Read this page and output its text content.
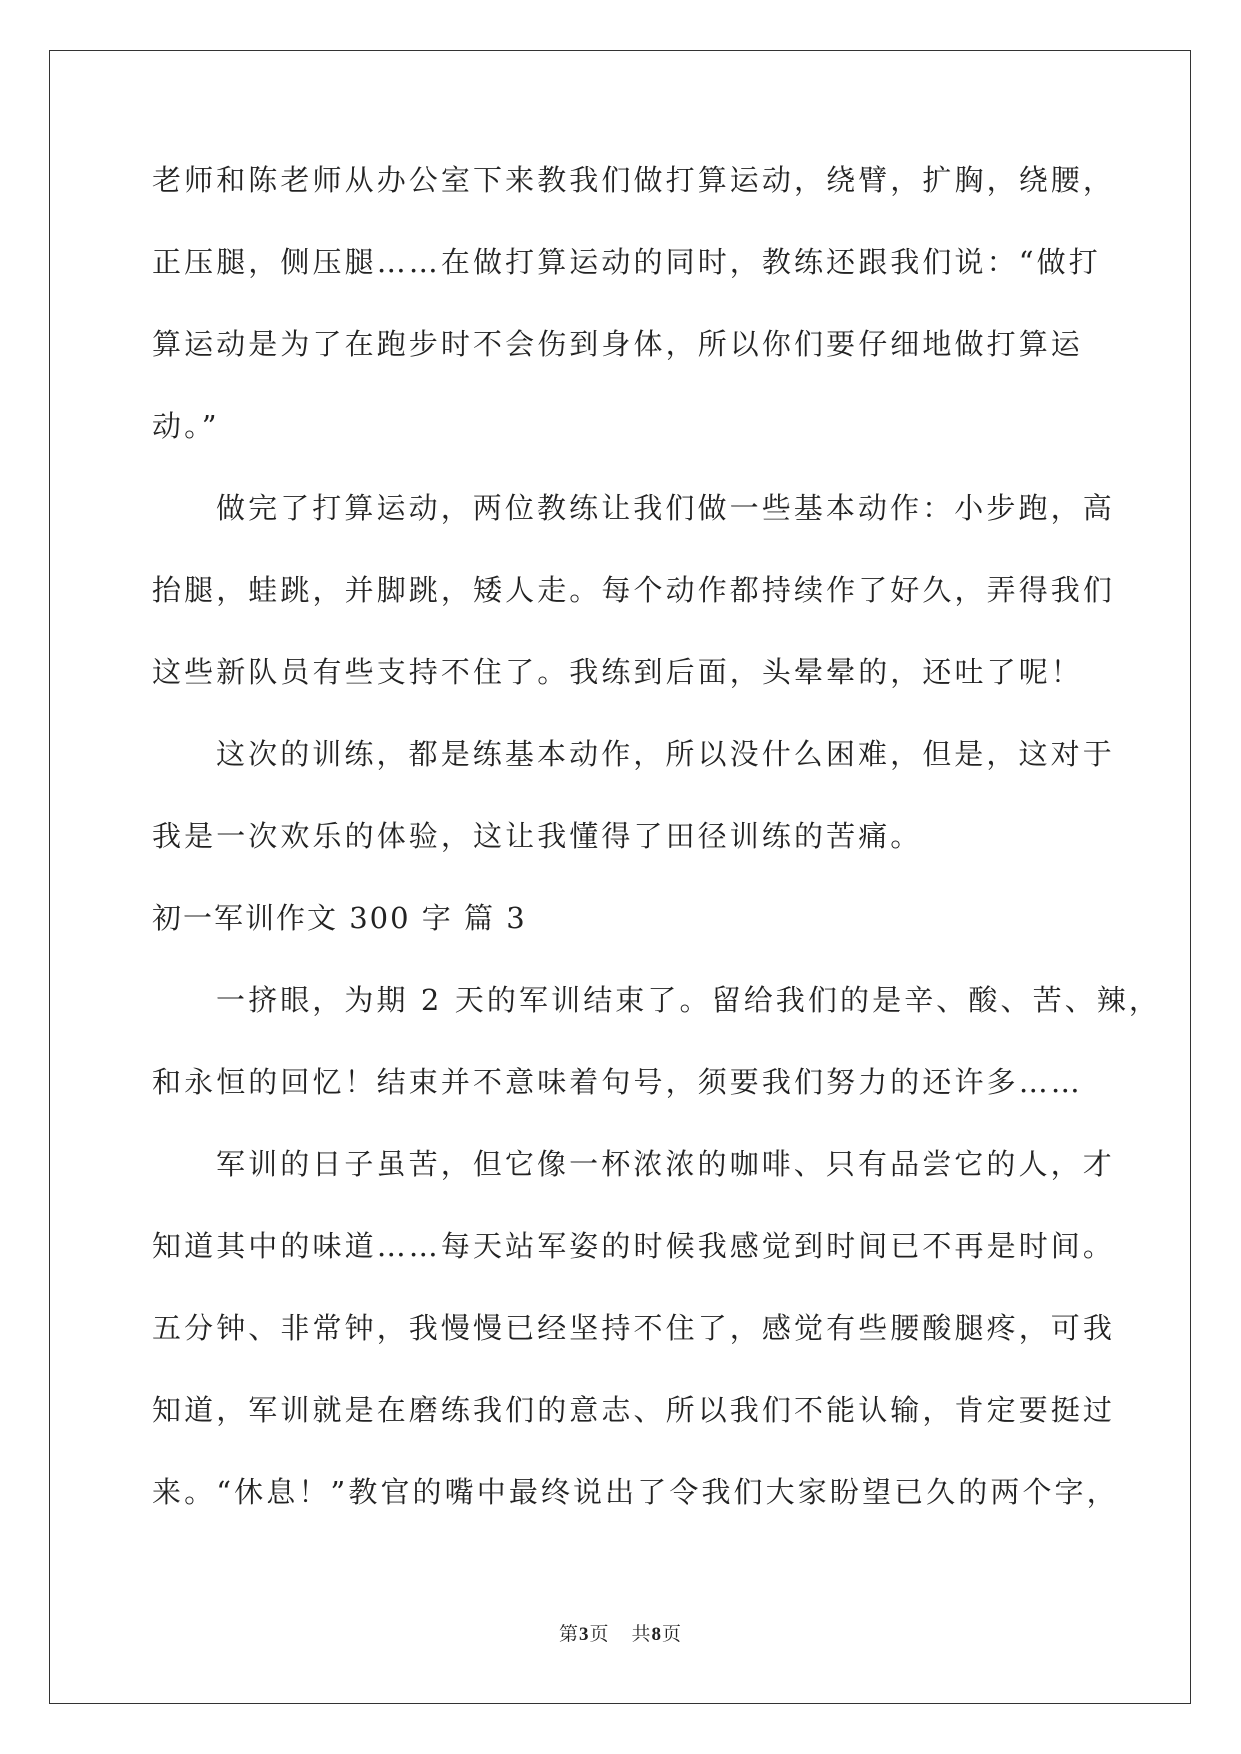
老师和陈老师从办公室下来教我们做打算运动，绕臂，扩胸，绕腰，

正压腿，侧压腿……在做打算运动的同时，教练还跟我们说：“做打

算运动是为了在跑步时不会伤到身体，所以你们要仔细地做打算运

动。”

做完了打算运动，两位教练让我们做一些基本动作：小步跑，高

抬腿，蛙跳，并脚跳，矮人走。每个动作都持续作了好久，弄得我们

这些新队员有些支持不住了。我练到后面，头晕晕的，还吐了呢！

这次的训练，都是练基本动作，所以没什么困难，但是，这对于

我是一次欢乐的体验，这让我懂得了田径训练的苦痛。

初一军训作文 300 字 篇 3

一挤眼，为期 2 天的军训结束了。留给我们的是辛、酸、苦、辣，

和永恒的回忆！结束并不意味着句号，须要我们努力的还许多……

军训的日子虽苦，但它像一杯浓浓的咖啡、只有品尝它的人，才

知道其中的味道……每天站军姿的时候我感觉到时间已不再是时间。

五分钟、非常钟，我慢慢已经坚持不住了，感觉有些腰酸腿疼，可我

知道，军训就是在磨练我们的意志、所以我们不能认输，肯定要挺过

来。“休息！”教官的嘴中最终说出了令我们大家盼望已久的两个字，

第3页 共8页
